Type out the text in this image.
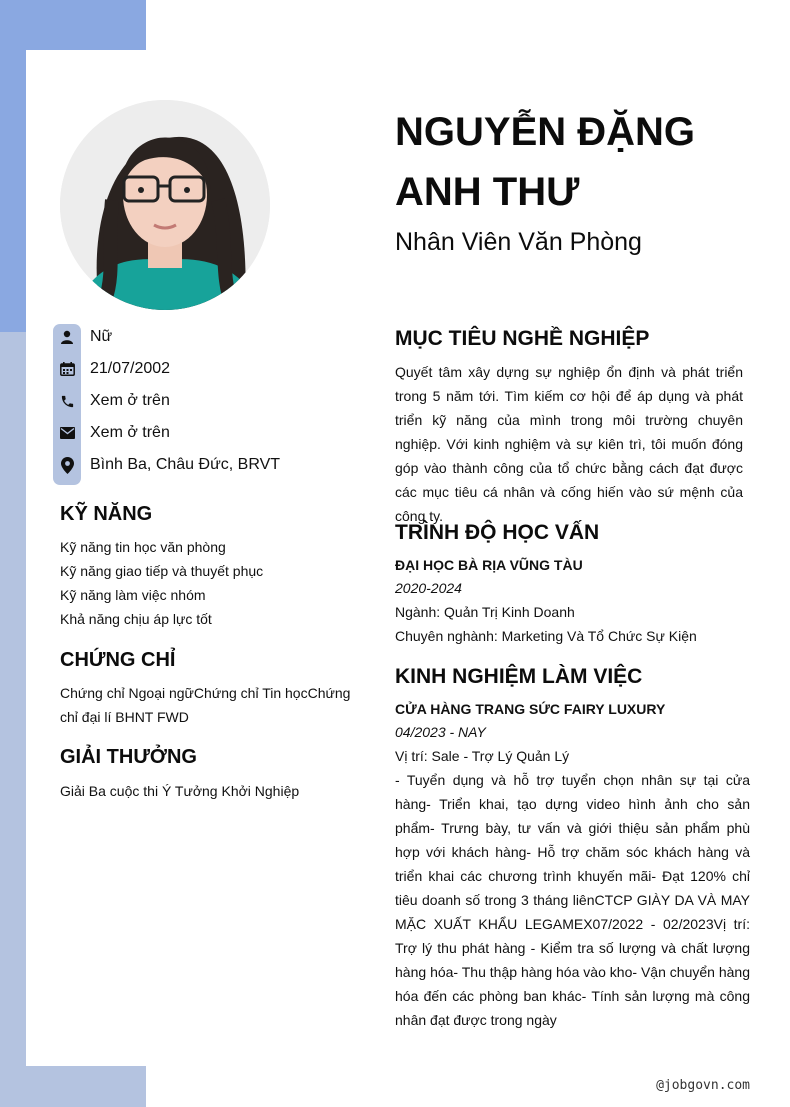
NGUYỄN ĐẶNG ANH THƯ
Nhân Viên Văn Phòng
Nữ
21/07/2002
Xem ở trên
Xem ở trên
Bình Ba, Châu Đức, BRVT
KỸ NĂNG
Kỹ năng tin học văn phòng
Kỹ năng giao tiếp và thuyết phục
Kỹ năng làm việc nhóm
Khả năng chịu áp lực tốt
CHỨNG CHỈ

Chứng chỉ Ngoại ngữChứng chỉ Tin họcChứng chỉ đại lí BHNT FWD

GIẢI THƯỞNG

Giải Ba cuộc thi Ý Tưởng Khởi Nghiệp

MỤC TIÊU NGHỀ NGHIỆP

Quyết tâm xây dựng sự nghiệp ổn định và phát triển trong 5 năm tới. Tìm kiếm cơ hội để áp dụng và phát triển kỹ năng của mình trong môi trường chuyên nghiệp. Với kinh nghiệm và sự kiên trì, tôi muốn đóng góp vào thành công của tổ chức bằng cách đạt được các mục tiêu cá nhân và cống hiến vào sứ mệnh của công ty.

TRÌNH ĐỘ HỌC VẤN
ĐẠI HỌC BÀ RỊA VŨNG TÀU
2020-2024
Ngành: Quản Trị Kinh Doanh
Chuyên nghành: Marketing Và Tổ Chức Sự Kiện
KINH NGHIỆM LÀM VIỆC
CỬA HÀNG TRANG SỨC FAIRY LUXURY
04/2023 - NAY
Vị trí: Sale - Trợ Lý Quản Lý

- Tuyển dụng và hỗ trợ tuyển chọn nhân sự tại cửa hàng- Triển khai, tạo dựng video hình ảnh cho sản phẩm- Trưng bày, tư vấn và giới thiệu sản phẩm phù hợp với khách hàng- Hỗ trợ chăm sóc khách hàng và triển khai các chương trình khuyến mãi- Đạt 120% chỉ tiêu doanh số trong 3 tháng liênCTCP GIÀY DA VÀ MAY MẶC XUẤT KHẨU LEGAMEX07/2022 - 02/2023Vị trí: Trợ lý thu phát hàng - Kiểm tra số lượng và chất lượng hàng hóa- Thu thập hàng hóa vào kho- Vận chuyển hàng hóa đến các phòng ban khác- Tính sản lượng mà công nhân đạt được trong ngày

@jobgovn.com
